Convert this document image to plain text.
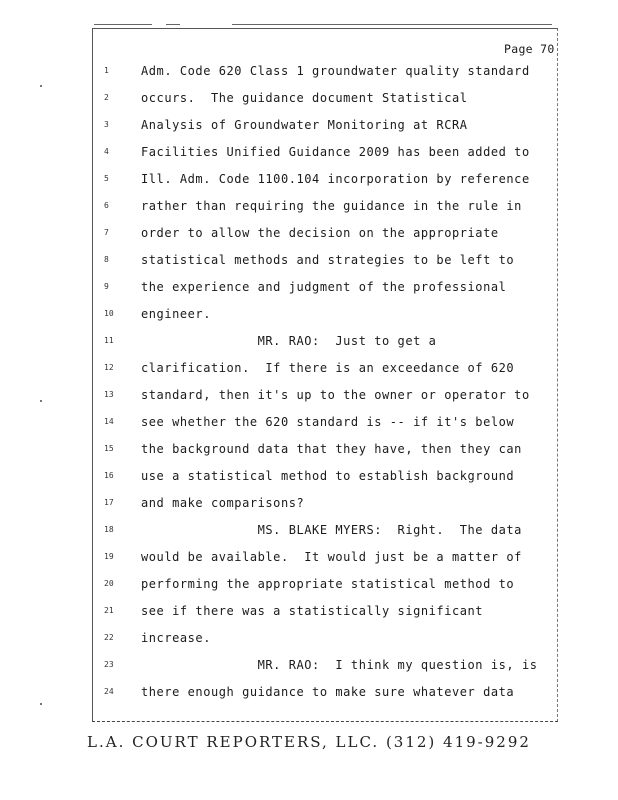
Page 70
1	Adm. Code 620 Class 1 groundwater quality standard
2	occurs.  The guidance document Statistical
3	Analysis of Groundwater Monitoring at RCRA
4	Facilities Unified Guidance 2009 has been added to
5	Ill. Adm. Code 1100.104 incorporation by reference
6	rather than requiring the guidance in the rule in
7	order to allow the decision on the appropriate
8	statistical methods and strategies to be left to
9	the experience and judgment of the professional
10	engineer.
11	MR. RAO:  Just to get a
12	clarification.  If there is an exceedance of 620
13	standard, then it's up to the owner or operator to
14	see whether the 620 standard is -- if it's below
15	the background data that they have, then they can
16	use a statistical method to establish background
17	and make comparisons?
18	MS. BLAKE MYERS:  Right.  The data
19	would be available.  It would just be a matter of
20	performing the appropriate statistical method to
21	see if there was a statistically significant
22	increase.
23	MR. RAO:  I think my question is, is
24	there enough guidance to make sure whatever data
L.A. COURT REPORTERS, LLC. (312) 419-9292
